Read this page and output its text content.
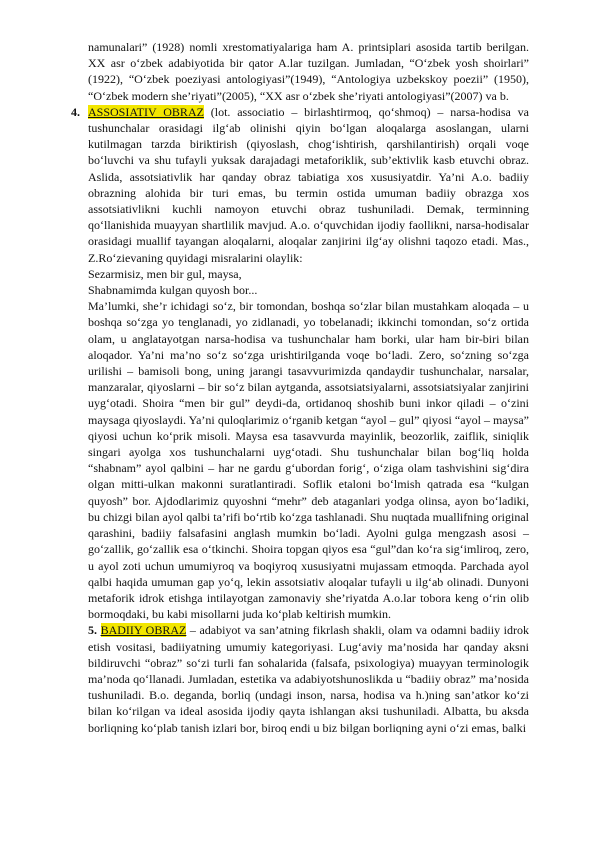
namunalari” (1928) nomli xrestomatiyalariga ham A. printsiplari asosida tartib berilgan. XX asr o‘zbek adabiyotida bir qator A.lar tuzilgan. Jumladan, “O‘zbek yosh shoirlari” (1922), “O‘zbek poeziyasi antologiyasi”(1949), “Antologiya uzbekskoy poezii” (1950), “O‘zbek modern she’riyati”(2005), “XX asr o‘zbek she’riyati antologiyasi”(2007) va b.

4. ASSOSIATIV OBRAZ (lot. associatio – birlashtirmoq, qo‘shmoq) – narsa-hodisa va tushunchalar orasidagi ilg‘ab olinishi qiyin bo‘lgan aloqalarga asoslangan, ularni kutilmagan tarzda biriktirish (qiyoslash, chog‘ishtirish, qarshilantirish) orqali voqe bo‘luvchi va shu tufayli yuksak darajadagi metaforiklik, sub’ektivlik kasb etuvchi obraz. Aslida, assotsiativlik har qanday obraz tabiatiga xos xususiyatdir. Ya’ni A.o. badiiy obrazning alohida bir turi emas, bu termin ostida umuman badiiy obrazga xos assotsiativlikni kuchli namoyon etuvchi obraz tushuniladi. Demak, terminning qo‘llanishida muayyan shartlilik mavjud. A.o. o‘quvchidan ijodiy faollikni, narsa-hodisalar orasidagi muallif tayangan aloqalarni, aloqalar zanjirini ilg‘ay olishni taqozo etadi. Mas., Z.Ro‘zievaning quyidagi misralarini olaylik:

Sezarmisiz, men bir gul, maysa,

Shabnamimda kulgan quyosh bor...

Ma’lumki, she’r ichidagi so‘z, bir tomondan, boshqa so‘zlar bilan mustahkam aloqada – u boshqa so‘zga yo tenglanadi, yo zidlanadi, yo tobelanadi; ikkinchi tomondan, so‘z ortida olam, u anglatayotgan narsa-hodisa va tushunchalar ham borki, ular ham bir-biri bilan aloqador. Ya’ni ma’no so‘z so‘zga urishtirilganda voqe bo‘ladi. Zero, so‘zning so‘zga urilishi – bamisoli bong, uning jarangi tasavvurimizda qandaydir tushunchalar, narsalar, manzaralar, qiyoslarni – bir so‘z bilan aytganda, assotsiatsiyalarni, assotsiatsiyalar zanjirini uyg‘otadi. Shoira “men bir gul” deydi-da, ortidanoq shoshib buni inkor qiladi – o‘zini maysaga qiyoslaydi. Ya’ni quloqlarimiz o‘rganib ketgan “ayol – gul” qiyosi “ayol – maysa” qiyosi uchun ko‘prik misoli. Maysa esa tasavvurda mayinlik, beozorlik, zaiflik, siniqlik singari ayolga xos tushunchalarni uyg‘otadi. Shu tushunchalar bilan bog‘liq holda “shabnam” ayol qalbini – har ne gardu g‘ubordan forig‘, o‘ziga olam tashvishini sig‘dira olgan mitti-ulkan makonni suratlantiradi. Soflik etaloni bo‘lmish qatrada esa “kulgan quyosh” bor. Ajdodlarimiz quyoshni “mehr” deb ataganlari yodga olinsa, ayon bo‘ladiki, bu chizgi bilan ayol qalbi ta’rifi bo‘rtib ko‘zga tashlanadi. Shu nuqtada muallifning original qarashini, badiiy falsafasini anglash mumkin bo‘ladi. Ayolni gulga mengzash asosi – go‘zallik, go‘zallik esa o‘tkinchi. Shoira topgan qiyos esa “gul”dan ko‘ra sig‘imliroq, zero, u ayol zoti uchun umumiyroq va boqiyroq xususiyatni mujassam etmoqda. Parchada ayol qalbi haqida umuman gap yo‘q, lekin assotsiativ aloqalar tufayli u ilg‘ab olinadi. Dunyoni metaforik idrok etishga intilayotgan zamonaviy she’riyatda A.o.lar tobora keng o‘rin olib bormoqdaki, bu kabi misollarni juda ko‘plab keltirish mumkin.

5. BADIIY OBRAZ – adabiyot va san’atning fikrlash shakli, olam va odamni badiiy idrok etish vositasi, badiiyatning umumiy kategoriyasi. Lug‘aviy ma’nosida har qanday aksni bildiruvchi “obraz” so‘zi turli fan sohalarida (falsafa, psixologiya) muayyan terminologik ma’noda qo‘llanadi. Jumladan, estetika va adabiyotshunoslikda u “badiiy obraz” ma’nosida tushuniladi. B.o. deganda, borliq (undagi inson, narsa, hodisa va h.)ning san’atkor ko‘zi bilan ko‘rilgan va ideal asosida ijodiy qayta ishlangan aksi tushuniladi. Albatta, bu aksda borliqning ko‘plab tanish izlari bor, biroq endi u biz bilgan borliqning ayni o‘zi emas, balki
